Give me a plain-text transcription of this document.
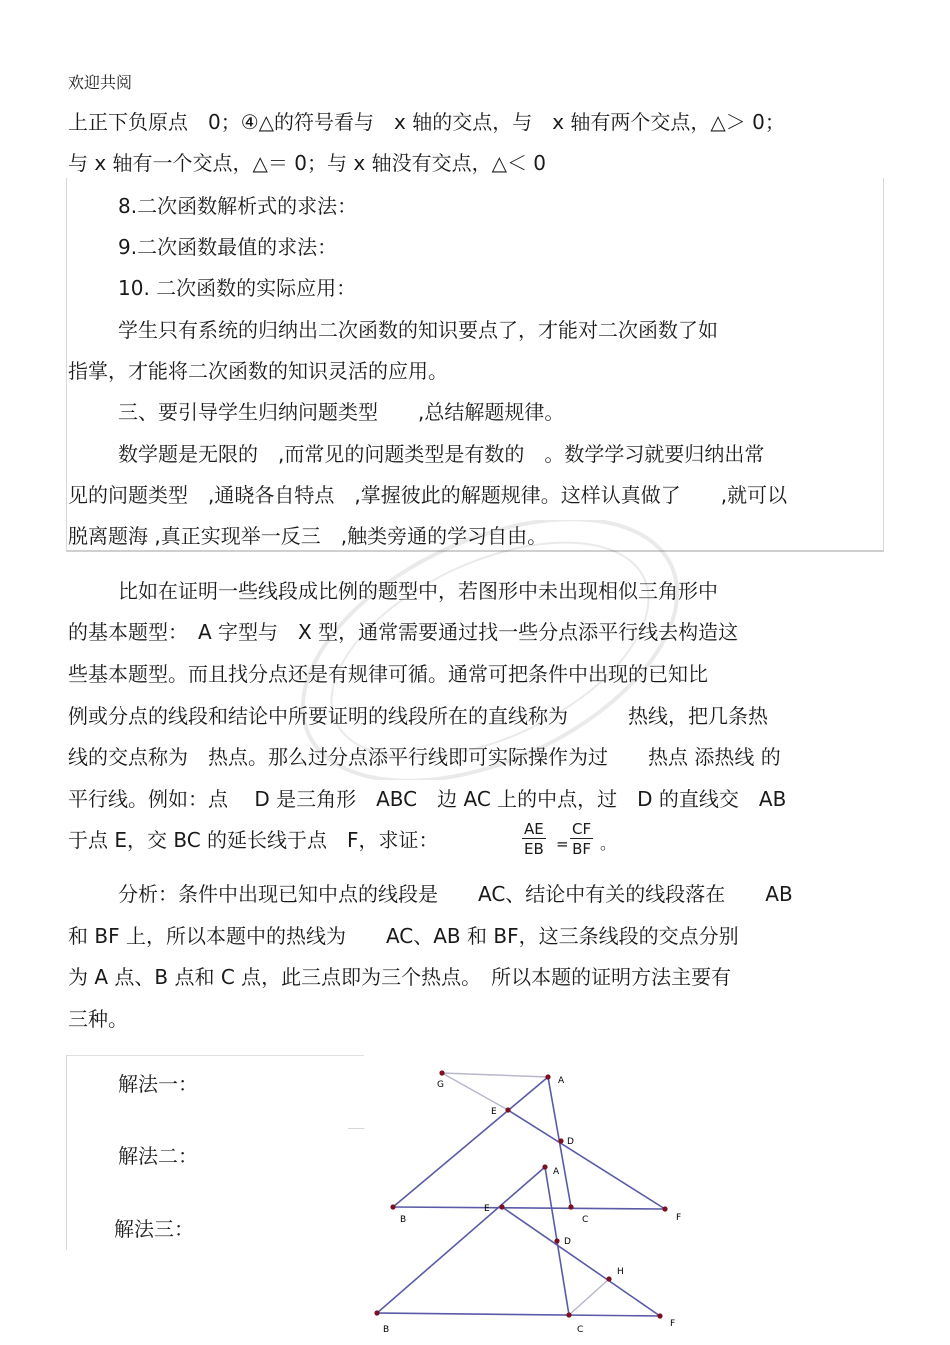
欢迎共阅
上正下负原点　0；④△的符号看与　x 轴的交点，与　x 轴有两个交点，△＞ 0；
与 x 轴有一个交点，△＝ 0；与 x 轴没有交点，△＜ 0
8.二次函数解析式的求法：
9.二次函数最值的求法：
10. 二次函数的实际应用：
学生只有系统的归纳出二次函数的知识要点了，才能对二次函数了如
指掌，才能将二次函数的知识灵活的应用。
三、要引导学生归纳问题类型　　,总结解题规律。
数学题是无限的　,而常见的问题类型是有数的　。数学学习就要归纳出常
见的问题类型　,通晓各自特点　,掌握彼此的解题规律。这样认真做了　　,就可以
脱离题海 ,真正实现举一反三　,触类旁通的学习自由。
比如在证明一些线段成比例的题型中，若图形中未出现相似三角形中
的基本题型：　A 字型与　X 型，通常需要通过找一些分点添平行线去构造这
些基本题型。而且找分点还是有规律可循。通常可把条件中出现的已知比
例或分点的线段和结论中所要证明的线段所在的直线称为　　　热线，把几条热
线的交点称为　热点。那么过分点添平行线即可实际操作为过　　热点 添热线 的
平行线。例如：点　 D 是三角形　ABC　边 AC 上的中点，过　D 的直线交　AB
于点 E，交 BC 的延长线于点　F，求证：	$\frac{AE}{EB} = \frac{CF}{BF}$ 。
分析：条件中出现已知中点的线段是　　AC、结论中有关的线段落在　　AB
和 BF 上，所以本题中的热线为　　AC、AB 和 BF，这三条线段的交点分别
为 A 点、B 点和 C 点，此三点即为三个热点。　所以本题的证明方法主要有
三种。
解法一：
解法二：
解法三：
G	A
E
D
B	C	F
A
E
D
H
B	C
F
